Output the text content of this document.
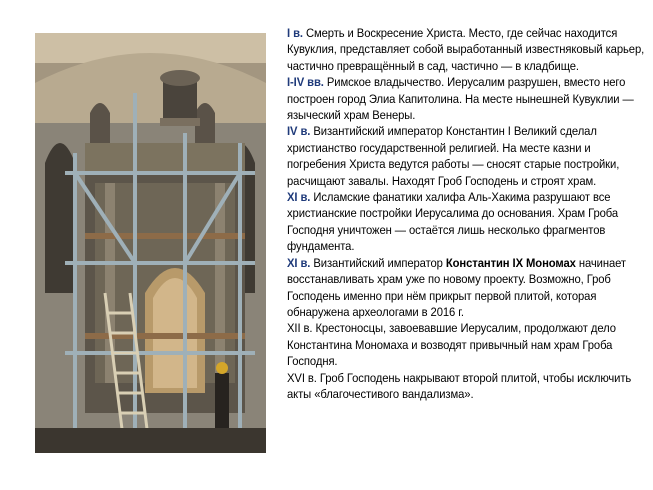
I в. Смерть и Воскресение Христа. Место, где сейчас находится Кувуклия, представляет собой выработанный известняковый карьер, частично превращённый в сад, частично — в кладбище.

I-IV вв. Римское владычество. Иерусалим разрушен, вместо него построен город Элиа Капитолина. На месте нынешней Кувуклии — языческий храм Венеры.

IV в. Византийский император Константин I Великий сделал христианство государственной религией. На месте казни и погребения Христа ведутся работы — сносят старые постройки, расчищают завалы. Находят Гроб Господень и строят храм.

XI в. Исламские фанатики халифа Аль-Хакима разрушают все христианские постройки Иерусалима до основания. Храм Гроба Господня уничтожен — остаётся лишь несколько фрагментов фундамента.

XI в. Византийский император Константин IX Мономах начинает восстанавливать храм уже по новому проекту. Возможно, Гроб Господень именно при нём прикрыт первой плитой, которая обнаружена археологами в 2016 г.

XII в. Крестоносцы, завоевавшие Иерусалим, продолжают дело Константина Мономаха и возводят привычный нам храм Гроба Господня.

XVI в. Гроб Господень накрывают второй плитой, чтобы исключить акты «благочестивого вандализма».
